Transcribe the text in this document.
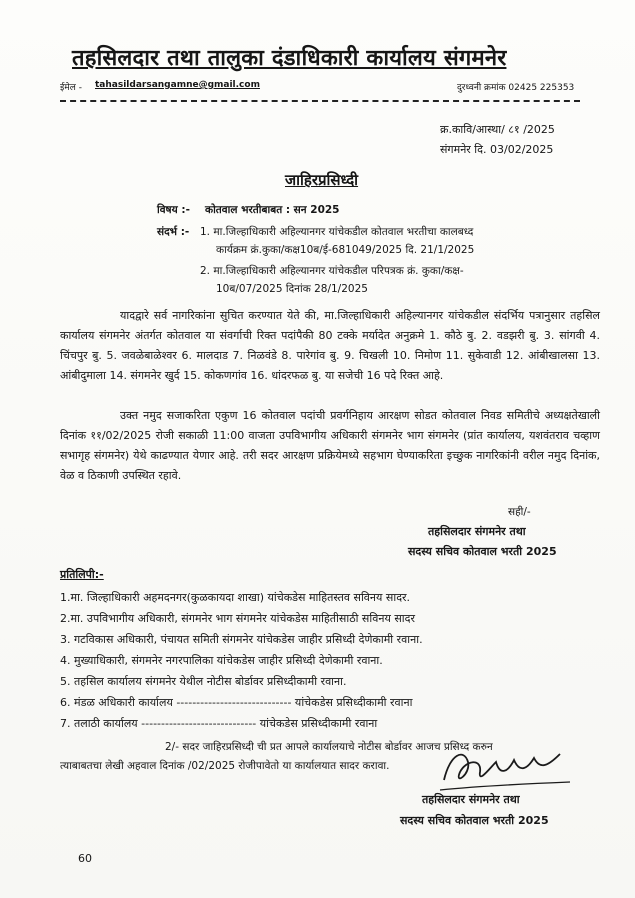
तहसिलदार तथा तालुका दंडाधिकारी कार्यालय संगमनेर
ईमेल - tahasildarsangamne@gmail.com	दुरध्वनी क्रमांक 02425 225353
क्र.कावि/आस्था/ ८१ /2025
संगमनेर दि. 03/02/2025
जाहिरप्रसिध्दी
विषय :- कोतवाल भरतीबाबत : सन 2025
संदर्भ :- 1. मा.जिल्हाधिकारी अहिल्यानगर यांचेकडील कोतवाल भरतीचा कालबध्द
कार्यक्रम क्रं.कुका/कक्ष10ब/ई-681049/2025 दि. 21/1/2025
2. मा.जिल्हाधिकारी अहिल्यानगर यांचेकडील परिपत्रक क्रं. कुका/कक्ष-
10ब/07/2025 दिनांक 28/1/2025
यादद्वारे सर्व नागरिकांना सुचित करण्यात येते की, मा.जिल्हाधिकारी अहिल्यानगर यांचेकडील संदर्भिय पत्रानुसार तहसिल कार्यालय संगमनेर अंतर्गत कोतवाल या संवर्गाची रिक्त पदांपैकी 80 टक्के मर्यादेत अनुक्रमे 1. कौठे बु. 2. वडझरी बु. 3. सांगवी 4. चिंचपुर बु. 5. जवळेबाळेश्वर 6. मालदाड 7. निळवंडे 8. पारेगांव बु. 9. चिखली 10. निमोण 11. सुकेवाडी 12. आंबीखालसा 13. आंबीदुमाला 14. संगमनेर खुर्द 15. कोकणगांव 16. धांदरफळ बु. या सजेची 16 पदे रिक्त आहे.
उक्त नमुद सजाकरिता एकुण 16 कोतवाल पदांची प्रवर्गनिहाय आरक्षण सोडत कोतवाल निवड समितीचे अध्यक्षतेखाली दिनांक ११/02/2025 रोजी सकाळी 11:00 वाजता उपविभागीय अधिकारी संगमनेर भाग संगमनेर (प्रांत कार्यालय, यशवंतराव चव्हाण सभागृह संगमनेर) येथे काढण्यात येणार आहे. तरी सदर आरक्षण प्रक्रियेमध्ये सहभाग घेण्याकरिता इच्छुक नागरिकांनी वरील नमुद दिनांक, वेळ व ठिकाणी उपस्थित रहावे.
सही/-
तहसिलदार संगमनेर तथा
सदस्य सचिव कोतवाल भरती 2025
प्रतिलिपी:-
1.मा. जिल्हाधिकारी अहमदनगर(कुळकायदा शाखा) यांचेकडेस माहितस्तव सविनय सादर.
2.मा. उपविभागीय अधिकारी, संगमनेर भाग संगमनेर यांचेकडेस माहितीसाठी सविनय सादर
3. गटविकास अधिकारी, पंचायत समिती संगमनेर यांचेकडेस जाहीर प्रसिध्दी देणेकामी रवाना.
4. मुख्याधिकारी, संगमनेर नगरपालिका यांचेकडेस जाहीर प्रसिध्दी देणेकामी रवाना.
5. तहसिल कार्यालय संगमनेर येथील नोटीस बोर्डावर प्रसिध्दीकामी रवाना.
6. मंडळ अधिकारी कार्यालय ----------------------------- यांचेकडेस प्रसिध्दीकामी रवाना
7. तलाठी कार्यालय ----------------------------- यांचेकडेस प्रसिध्दीकामी रवाना
2/- सदर जाहिरप्रसिध्दी ची प्रत आपले कार्यालयाचे नोटीस बोर्डावर आजच प्रसिध्द करुन
त्याबाबतचा लेखी अहवाल दिनांक /02/2025 रोजीपावेतो या कार्यालयात सादर करावा.
तहसिलदार संगमनेर तथा
सदस्य सचिव कोतवाल भरती 2025
60
